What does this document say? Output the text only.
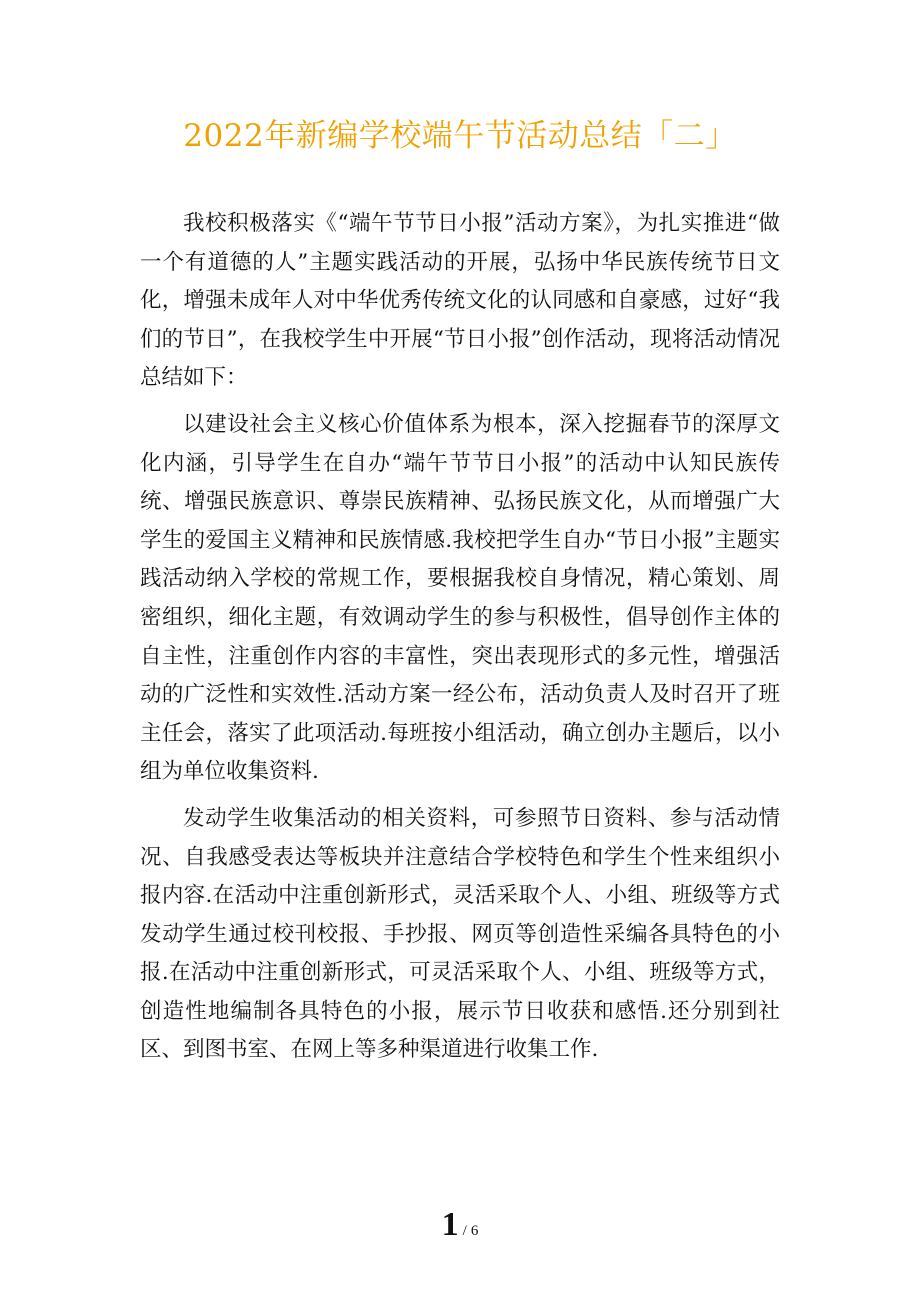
2022年新编学校端午节活动总结「二」

我校积极落实《“端午节节日小报”活动方案》，为扎实推进“做一个有道德的人”主题实践活动的开展，弘扬中华民族传统节日文化，增强未成年人对中华优秀传统文化的认同感和自豪感，过好“我们的节日”，在我校学生中开展“节日小报”创作活动，现将活动情况总结如下：

以建设社会主义核心价值体系为根本，深入挖掘春节的深厚文化内涵，引导学生在自办“端午节节日小报”的活动中认知民族传统、增强民族意识、尊崇民族精神、弘扬民族文化，从而增强广大学生的爱国主义精神和民族情感.我校把学生自办“节日小报”主题实践活动纳入学校的常规工作，要根据我校自身情况，精心策划、周密组织，细化主题，有效调动学生的参与积极性，倡导创作主体的自主性，注重创作内容的丰富性，突出表现形式的多元性，增强活动的广泛性和实效性.活动方案一经公布，活动负责人及时召开了班主任会，落实了此项活动.每班按小组活动，确立创办主题后，以小组为单位收集资料.

发动学生收集活动的相关资料，可参照节日资料、参与活动情况、自我感受表达等板块并注意结合学校特色和学生个性来组织小报内容.在活动中注重创新形式，灵活采取个人、小组、班级等方式发动学生通过校刊校报、手抄报、网页等创造性采编各具特色的小报.在活动中注重创新形式，可灵活采取个人、小组、班级等方式，创造性地编制各具特色的小报，展示节日收获和感悟.还分别到社区、到图书室、在网上等多种渠道进行收集工作.

1 / 6
